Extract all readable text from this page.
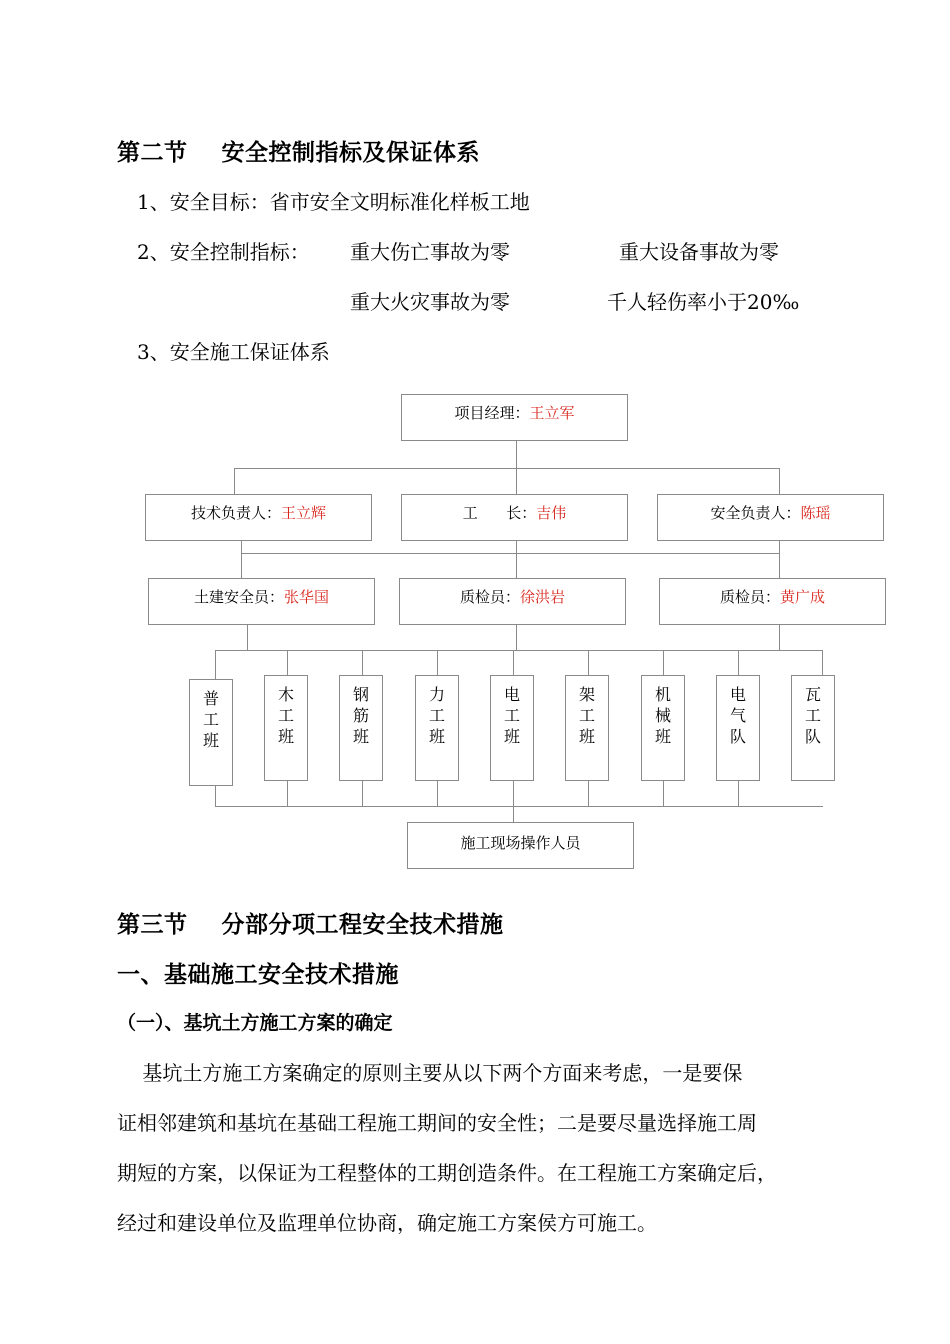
第二节    安全控制指标及保证体系
1、安全目标：省市安全文明标准化样板工地
2、安全控制指标： 重大伤亡事故为零	重大设备事故为零
重大火灾事故为零	千人轻伤率小于20‰
3、安全施工保证体系
项目经理：王立军
技术负责人：王立辉	工      长：吉伟	安全负责人：陈瑶
土建安全员：张华国	质检员：徐洪岩	质检员：黄广成
普
工
班
木
工
班
钢
筋
班
力
工
班
电
工
班
架
工
班
机
械
班
电
气
队
瓦
工
队
施工现场操作人员
第三节    分部分项工程安全技术措施
一、基础施工安全技术措施
（一）、基坑土方施工方案的确定
基坑土方施工方案确定的原则主要从以下两个方面来考虑，一是要保
证相邻建筑和基坑在基础工程施工期间的安全性；二是要尽量选择施工周
期短的方案，以保证为工程整体的工期创造条件。在工程施工方案确定后，
经过和建设单位及监理单位协商，确定施工方案侯方可施工。
